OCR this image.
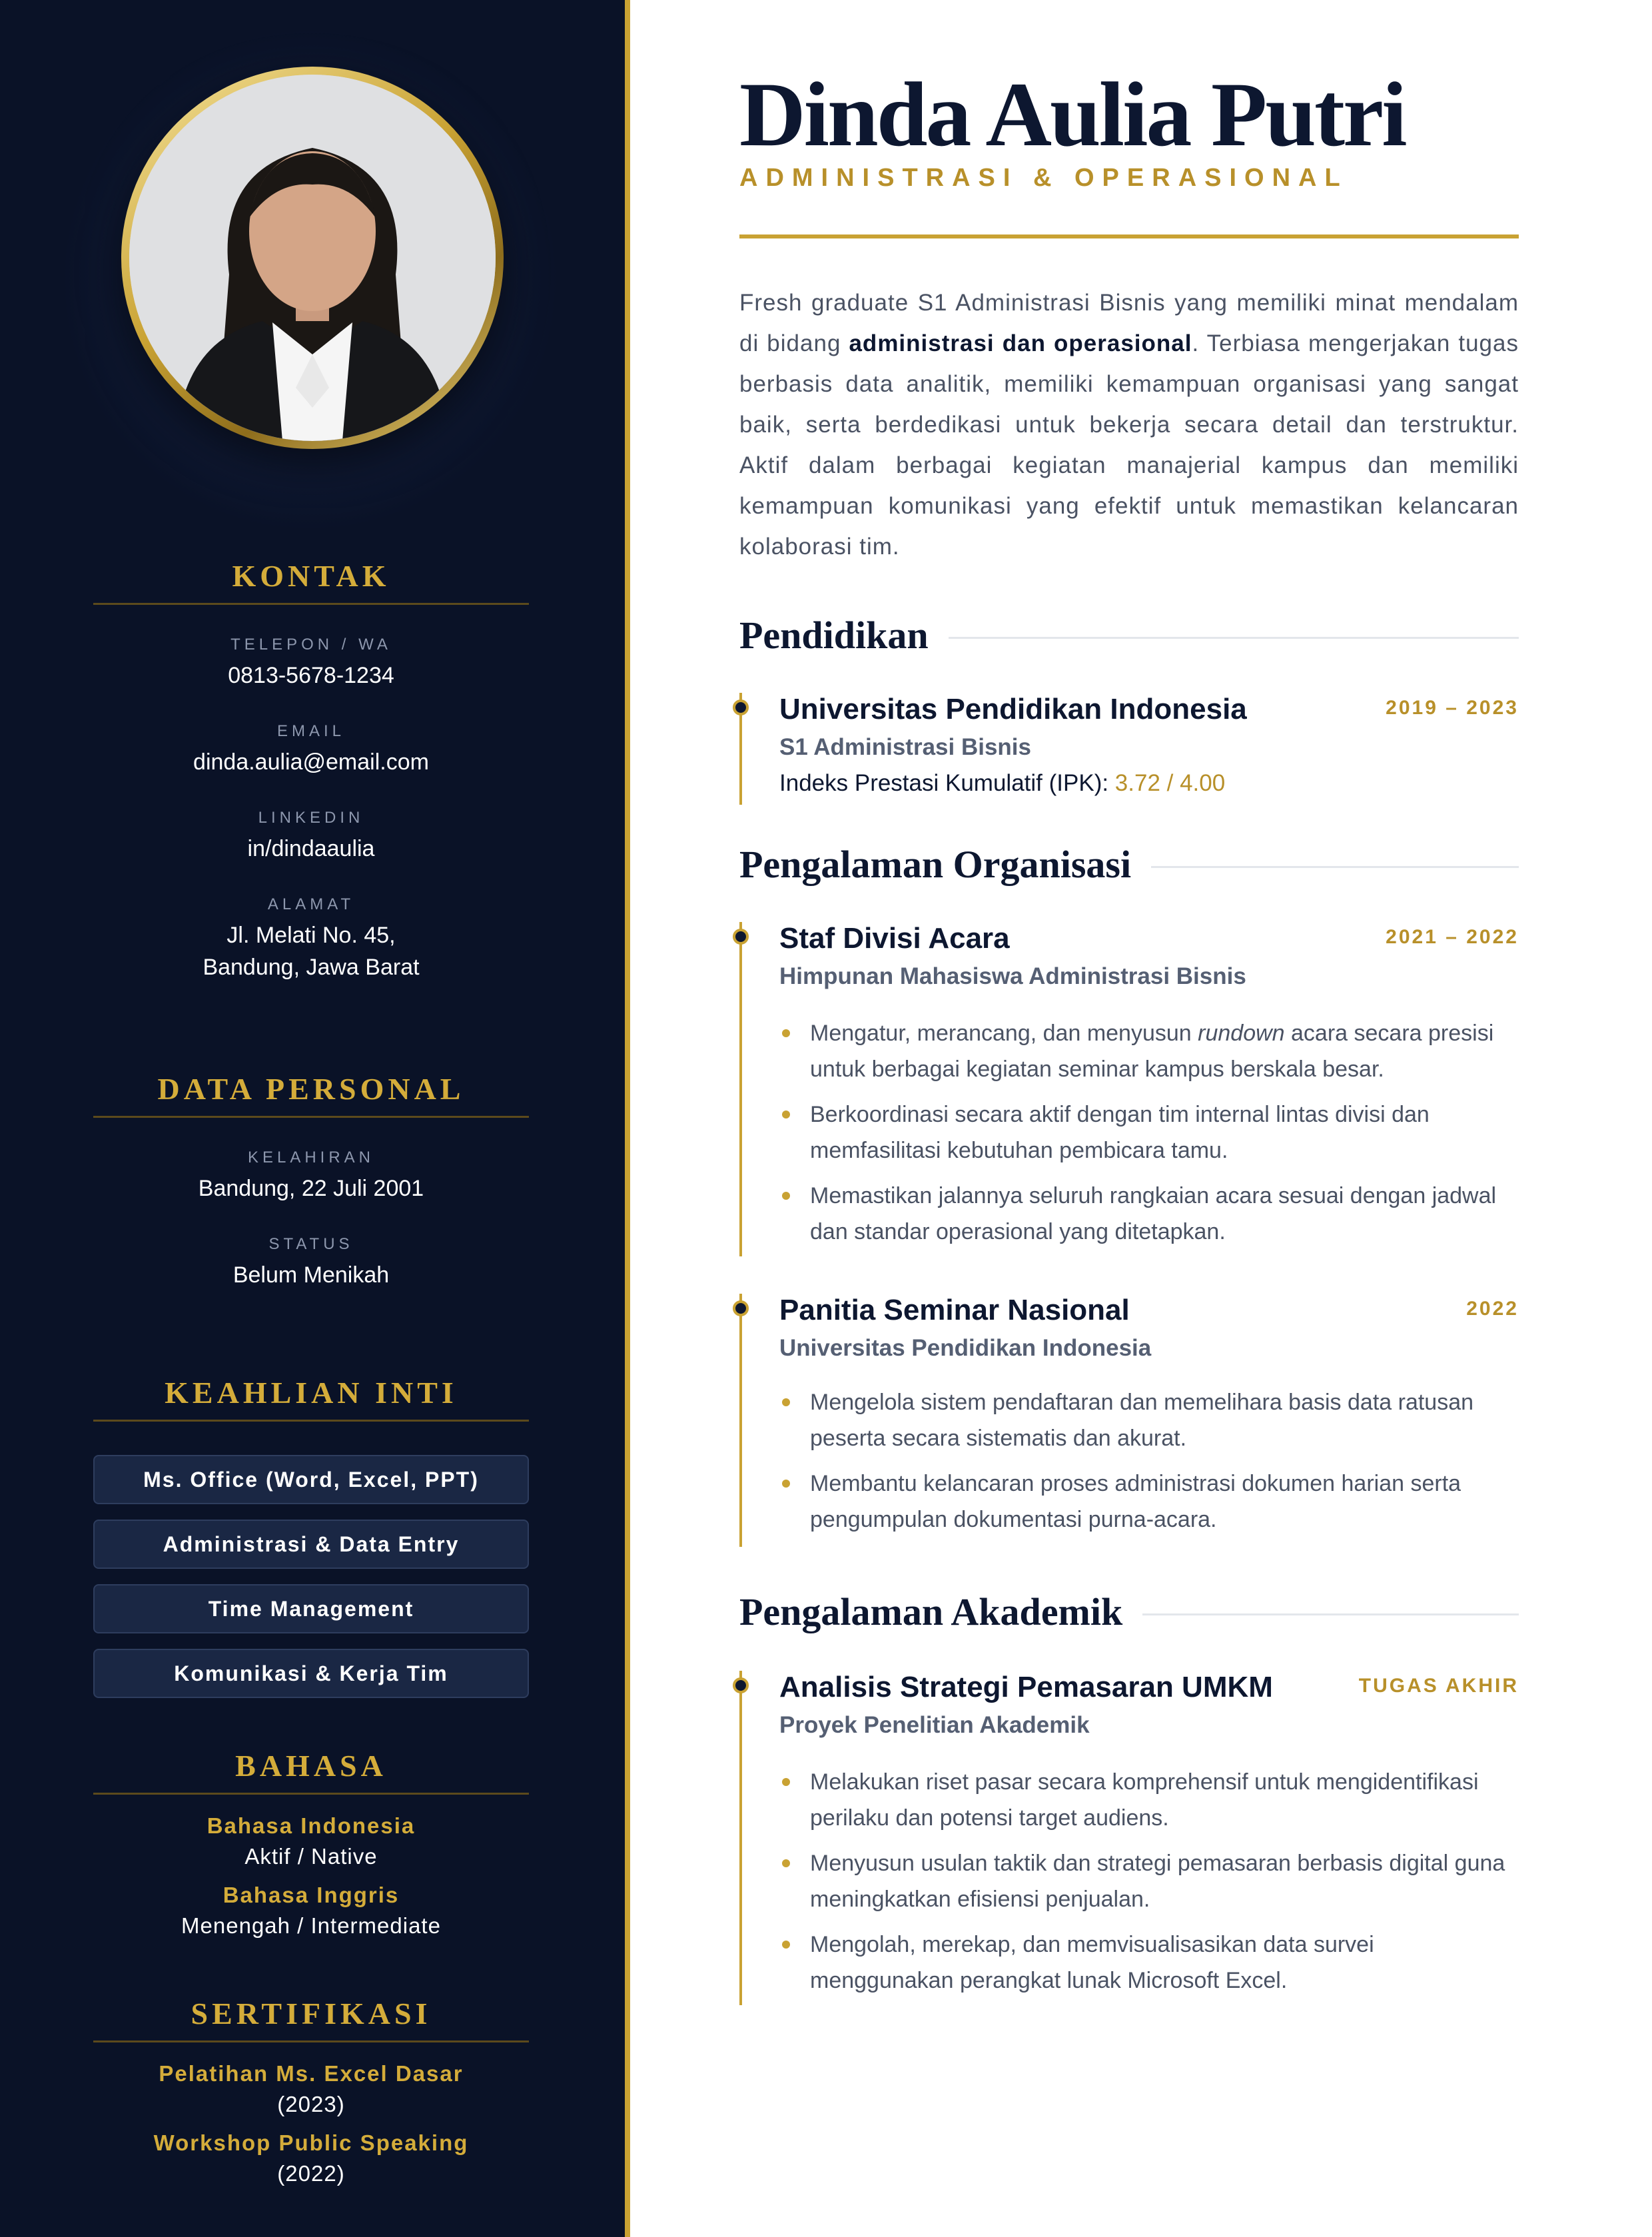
KONTAK
TELEPON / WA
0813-5678-1234
EMAIL
dinda.aulia@email.com
LINKEDIN
in/dindaaulia
ALAMAT
Jl. Melati No. 45,
Bandung, Jawa Barat
DATA PERSONAL
KELAHIRAN
Bandung, 22 Juli 2001
STATUS
Belum Menikah
KEAHLIAN INTI
Ms. Office (Word, Excel, PPT)
Administrasi & Data Entry
Time Management
Komunikasi & Kerja Tim
BAHASA
Bahasa Indonesia
Aktif / Native
Bahasa Inggris
Menengah / Intermediate
SERTIFIKASI
Pelatihan Ms. Excel Dasar
(2023)
Workshop Public Speaking
(2022)
Dinda Aulia Putri
ADMINISTRASI & OPERASIONAL

Fresh graduate S1 Administrasi Bisnis yang memiliki minat mendalam di bidang administrasi dan operasional. Terbiasa mengerjakan tugas berbasis data analitik, memiliki kemampuan organisasi yang sangat baik, serta berdedikasi untuk bekerja secara detail dan terstruktur. Aktif dalam berbagai kegiatan manajerial kampus dan memiliki kemampuan komunikasi yang efektif untuk memastikan kelancaran kolaborasi tim.

Pendidikan
Universitas Pendidikan Indonesia	2019 – 2023
S1 Administrasi Bisnis
Indeks Prestasi Kumulatif (IPK): 3.72 / 4.00
Pengalaman Organisasi
Staf Divisi Acara	2021 – 2022
Himpunan Mahasiswa Administrasi Bisnis
Mengatur, merancang, dan menyusun rundown acara secara presisi untuk berbagai kegiatan seminar kampus berskala besar.
Berkoordinasi secara aktif dengan tim internal lintas divisi dan memfasilitasi kebutuhan pembicara tamu.
Memastikan jalannya seluruh rangkaian acara sesuai dengan jadwal dan standar operasional yang ditetapkan.
Panitia Seminar Nasional	2022
Universitas Pendidikan Indonesia
Mengelola sistem pendaftaran dan memelihara basis data ratusan peserta secara sistematis dan akurat.
Membantu kelancaran proses administrasi dokumen harian serta pengumpulan dokumentasi purna-acara.
Pengalaman Akademik
Analisis Strategi Pemasaran UMKM	TUGAS AKHIR
Proyek Penelitian Akademik
Melakukan riset pasar secara komprehensif untuk mengidentifikasi perilaku dan potensi target audiens.
Menyusun usulan taktik dan strategi pemasaran berbasis digital guna meningkatkan efisiensi penjualan.
Mengolah, merekap, dan memvisualisasikan data survei menggunakan perangkat lunak Microsoft Excel.
